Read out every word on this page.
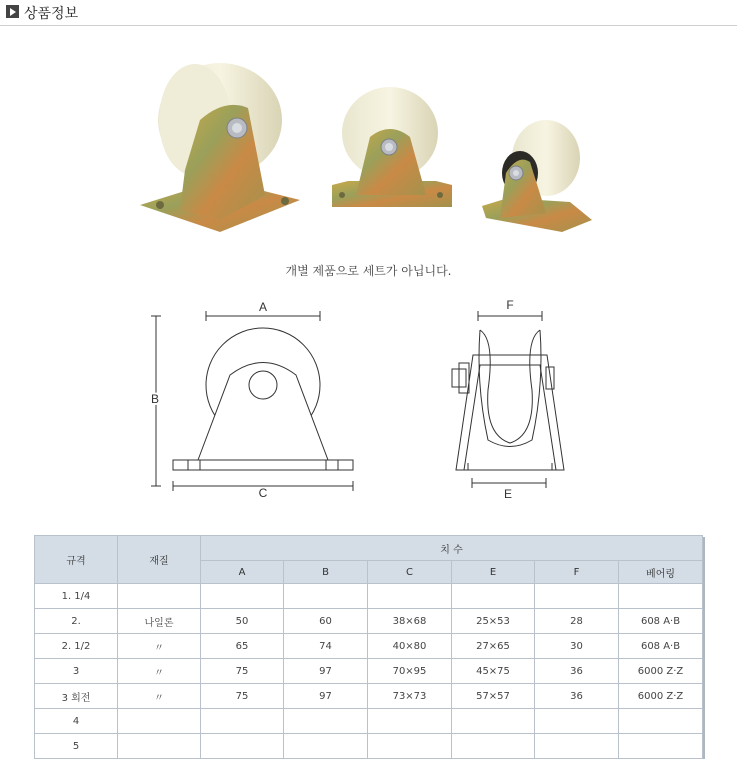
상품정보
개별 제품으로 세트가 아닙니다.
A
B
C
F
E
규격	재질	치 수					
		A	B	C	E	F	베어링
1. 1/4							
2.	나일론	50	60	38×68	25×53	28	608 A·B
2. 1/2	〃	65	74	40×80	27×65	30	608 A·B
3	〃	75	97	70×95	45×75	36	6000 Z·Z
3 회전	〃	75	97	73×73	57×57	36	6000 Z·Z
4							
5							
